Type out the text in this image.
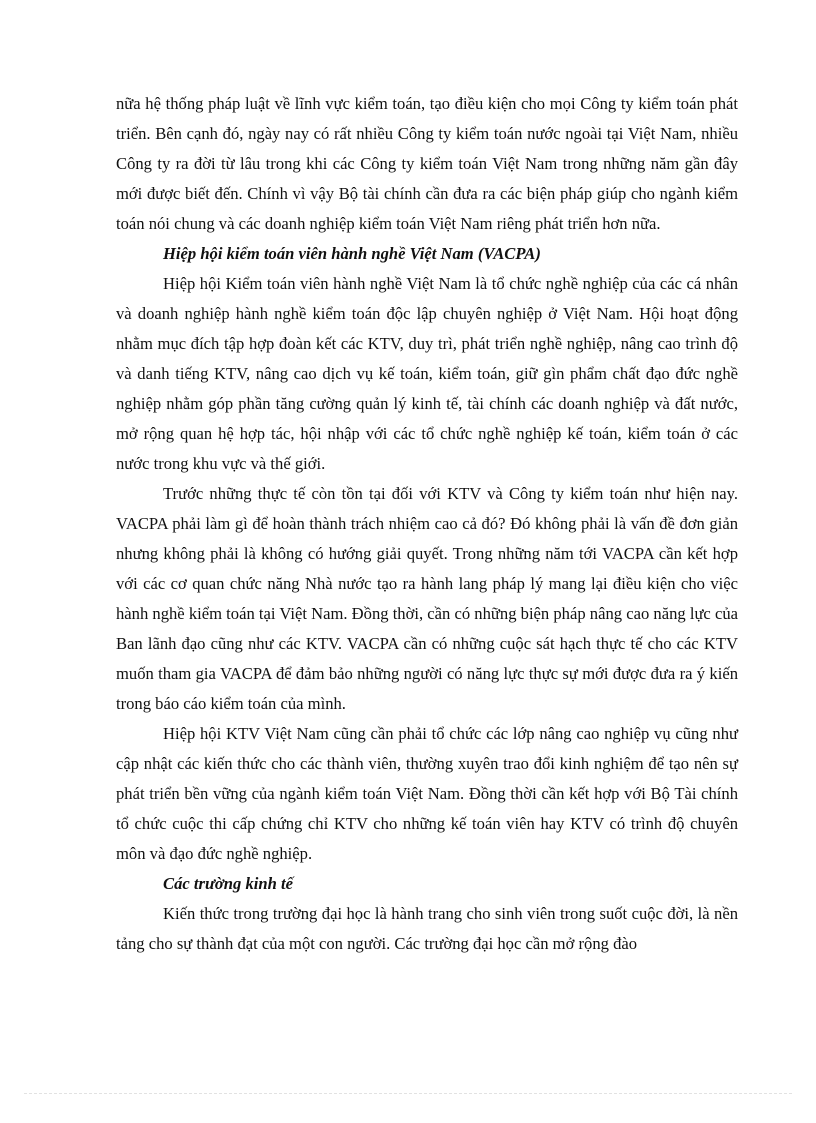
nữa hệ thống pháp luật về lĩnh vực kiểm toán, tạo điều kiện cho mọi Công ty kiểm toán phát triển. Bên cạnh đó, ngày nay có rất nhiều Công ty kiểm toán nước ngoài tại Việt Nam, nhiều Công ty ra đời từ lâu trong khi các Công ty kiểm toán Việt Nam trong những năm gần đây mới được biết đến. Chính vì vậy Bộ tài chính cần đưa ra các biện pháp giúp cho ngành kiểm toán nói chung và các doanh nghiệp kiểm toán Việt Nam riêng phát triển hơn nữa.

Hiệp hội kiểm toán viên hành nghề Việt Nam (VACPA)

Hiệp hội Kiểm toán viên hành nghề Việt Nam là tổ chức nghề nghiệp của các cá nhân và doanh nghiệp hành nghề kiểm toán độc lập chuyên nghiệp ở Việt Nam. Hội hoạt động nhằm mục đích tập hợp đoàn kết các KTV, duy trì, phát triển nghề nghiệp, nâng cao trình độ và danh tiếng KTV, nâng cao dịch vụ kế toán, kiểm toán, giữ gìn phẩm chất đạo đức nghề nghiệp nhằm góp phần tăng cường quản lý kinh tế, tài chính các doanh nghiệp và đất nước, mở rộng quan hệ hợp tác, hội nhập với các tổ chức nghề nghiệp kế toán, kiểm toán ở các nước trong khu vực và thế giới.

Trước những thực tế còn tồn tại đối với KTV và Công ty kiểm toán như hiện nay. VACPA phải làm gì để hoàn thành trách nhiệm cao cả đó? Đó không phải là vấn đề đơn giản nhưng không phải là không có hướng giải quyết. Trong những năm tới VACPA cần kết hợp với các cơ quan chức năng Nhà nước tạo ra hành lang pháp lý mang lại điều kiện cho việc hành nghề kiểm toán tại Việt Nam. Đồng thời, cần có những biện pháp nâng cao năng lực của Ban lãnh đạo cũng như các KTV. VACPA cần có những cuộc sát hạch thực tế cho các KTV muốn tham gia VACPA để đảm bảo những người có năng lực thực sự mới được đưa ra ý kiến trong báo cáo kiểm toán của mình.

Hiệp hội KTV Việt Nam cũng cần phải tổ chức các lớp nâng cao nghiệp vụ cũng như cập nhật các kiến thức cho các thành viên, thường xuyên trao đổi kinh nghiệm để tạo nên sự phát triển bền vững của ngành kiểm toán Việt Nam. Đồng thời cần kết hợp với Bộ Tài chính tổ chức cuộc thi cấp chứng chỉ KTV cho những kế toán viên hay KTV có trình độ chuyên môn và đạo đức nghề nghiệp.

Các trường kinh tế

Kiến thức trong trường đại học là hành trang cho sinh viên trong suốt cuộc đời, là nền tảng cho sự thành đạt của một con người. Các trường đại học cần mở rộng đào
